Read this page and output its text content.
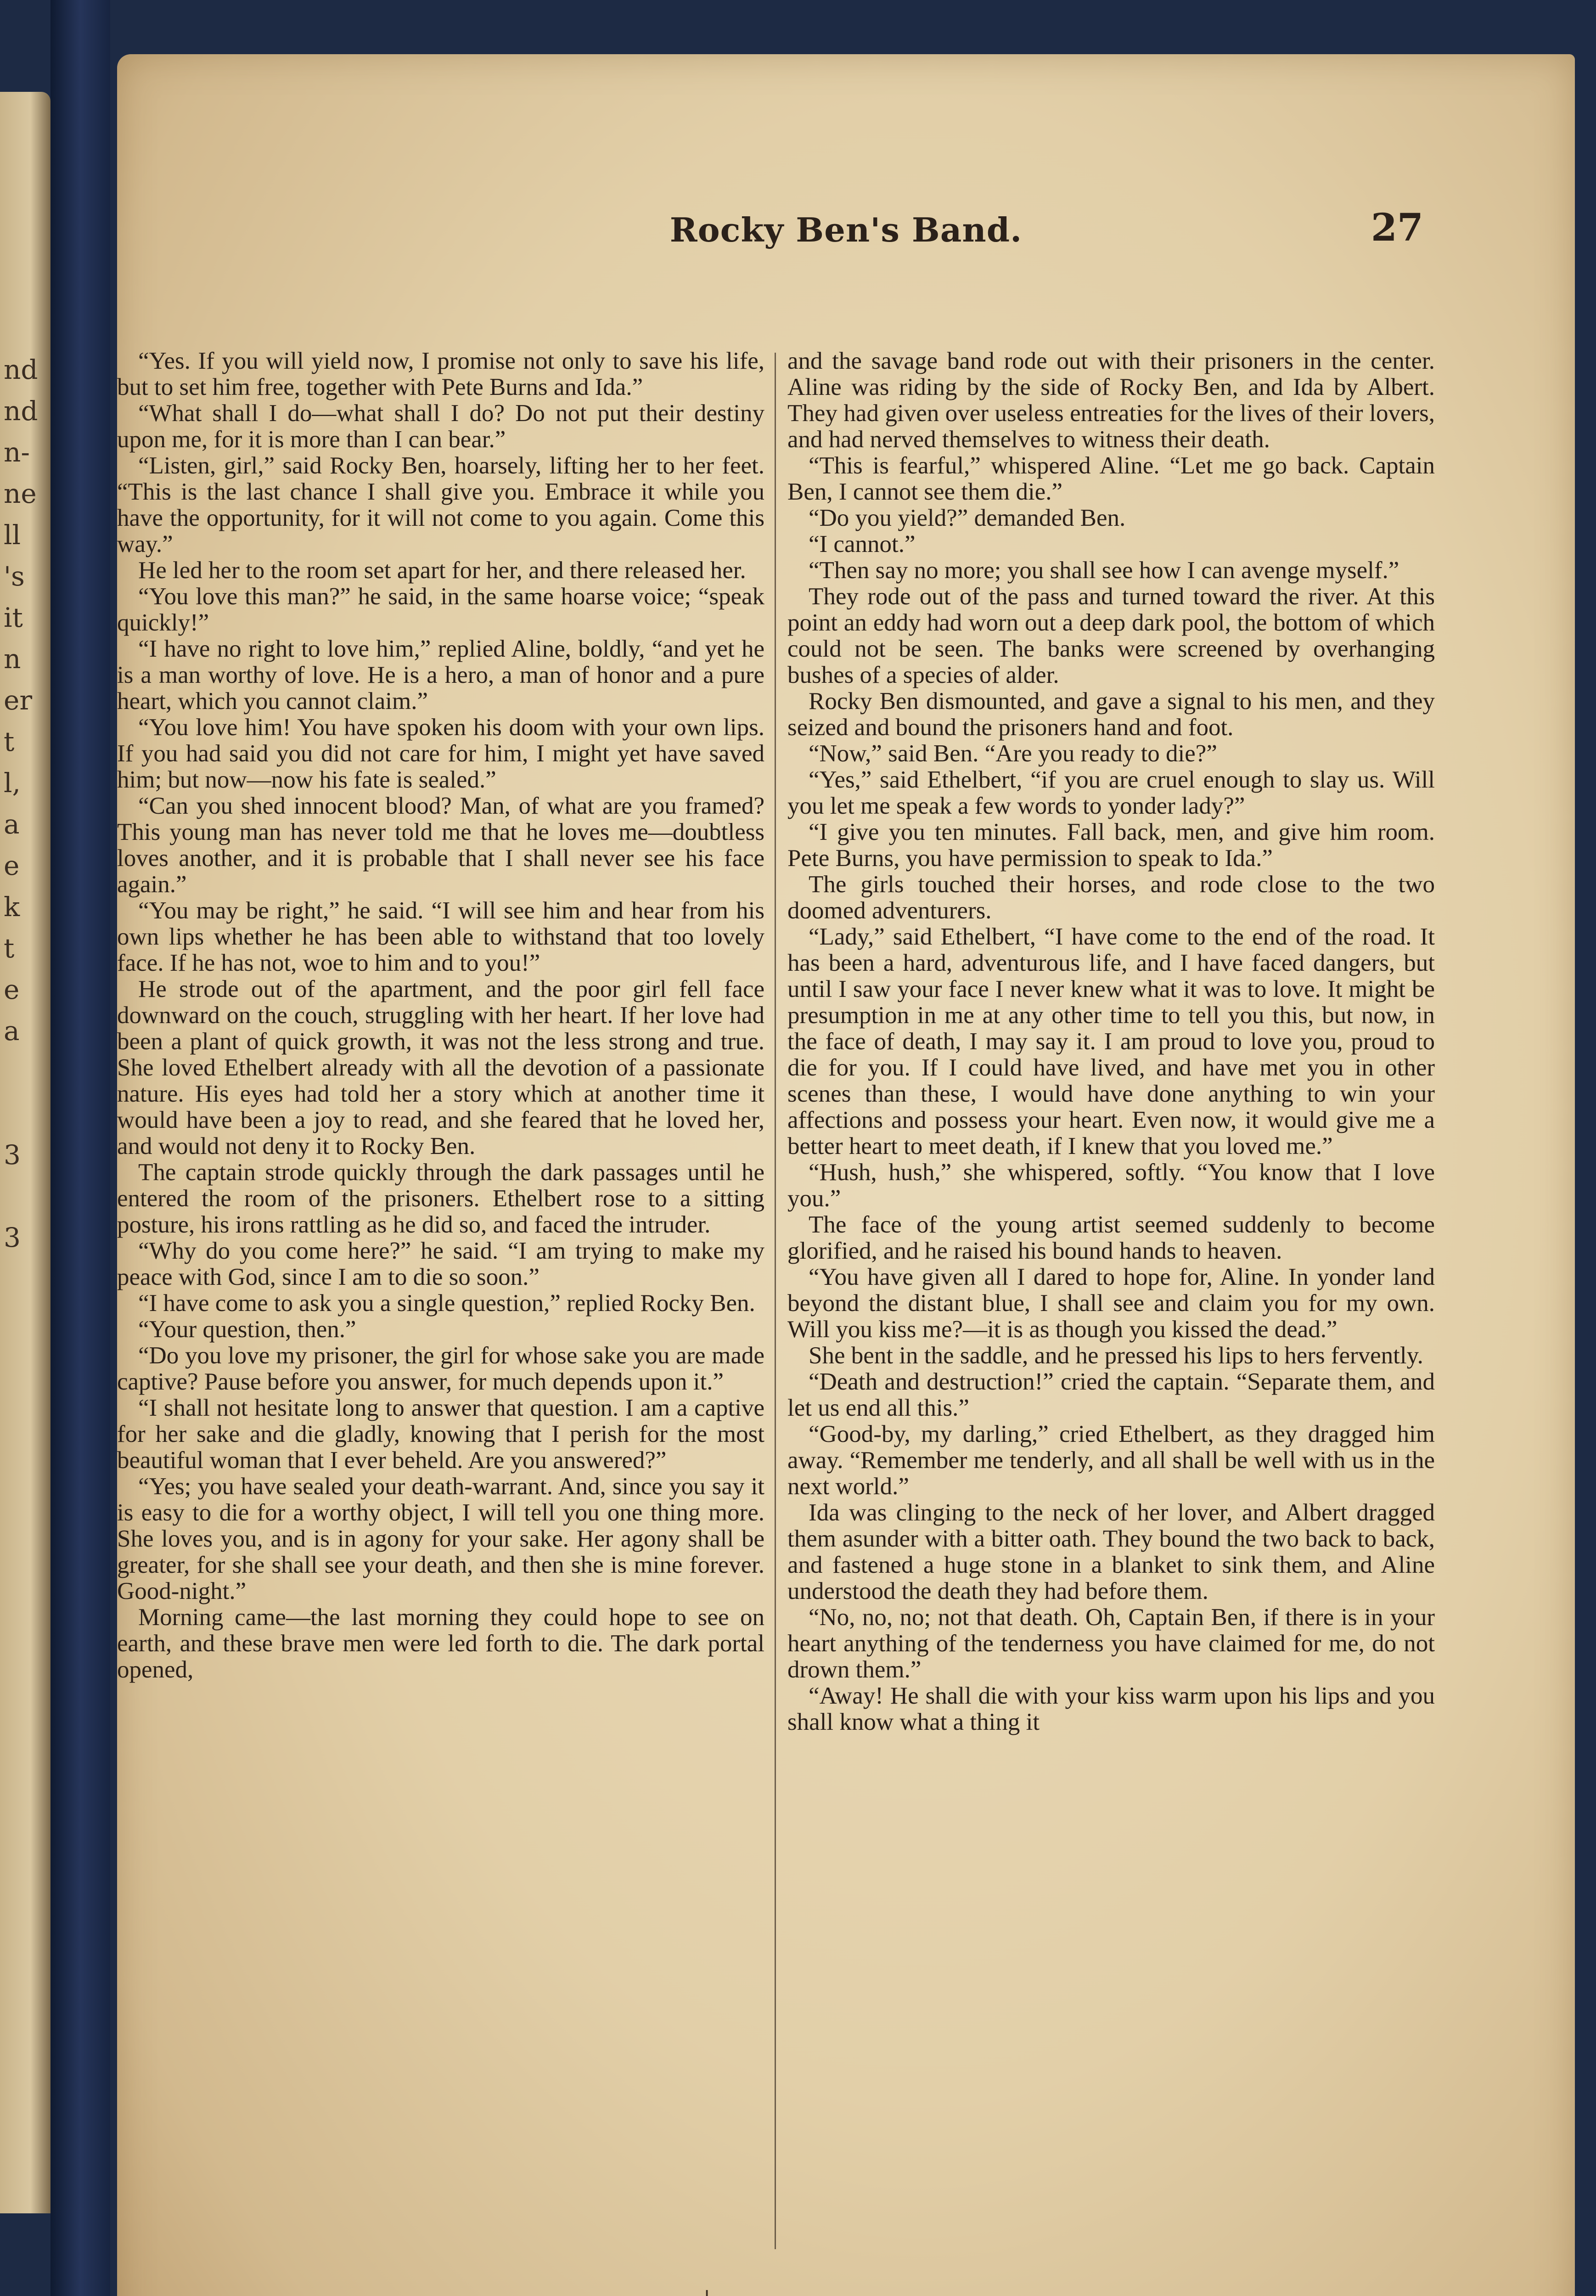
nd
nd
n-
ne
ll
's
it
n
er
t
l,
a
e
k
t
e
a
3
3
Rocky Ben's Band.	27

“Yes. If you will yield now, I promise not only to save his life, but to set him free, together with Pete Burns and Ida.”

“What shall I do—what shall I do? Do not put their destiny upon me, for it is more than I can bear.”

“Listen, girl,” said Rocky Ben, hoarsely, lifting her to her feet. “This is the last chance I shall give you. Embrace it while you have the opportunity, for it will not come to you again. Come this way.”

He led her to the room set apart for her, and there released her.

“You love this man?” he said, in the same hoarse voice; “speak quickly!”

“I have no right to love him,” replied Aline, boldly, “and yet he is a man worthy of love. He is a hero, a man of honor and a pure heart, which you cannot claim.”

“You love him! You have spoken his doom with your own lips. If you had said you did not care for him, I might yet have saved him; but now—now his fate is sealed.”

“Can you shed innocent blood? Man, of what are you framed? This young man has never told me that he loves me—doubtless loves another, and it is probable that I shall never see his face again.”

“You may be right,” he said. “I will see him and hear from his own lips whether he has been able to withstand that too lovely face. If he has not, woe to him and to you!”

He strode out of the apartment, and the poor girl fell face downward on the couch, struggling with her heart. If her love had been a plant of quick growth, it was not the less strong and true. She loved Ethelbert already with all the devotion of a passionate nature. His eyes had told her a story which at another time it would have been a joy to read, and she feared that he loved her, and would not deny it to Rocky Ben.

The captain strode quickly through the dark passages until he entered the room of the prisoners. Ethelbert rose to a sitting posture, his irons rattling as he did so, and faced the intruder.

“Why do you come here?” he said. “I am trying to make my peace with God, since I am to die so soon.”

“I have come to ask you a single question,” replied Rocky Ben.

“Your question, then.”

“Do you love my prisoner, the girl for whose sake you are made captive? Pause before you answer, for much depends upon it.”

“I shall not hesitate long to answer that question. I am a captive for her sake and die gladly, knowing that I perish for the most beautiful woman that I ever beheld. Are you answered?”

“Yes; you have sealed your death-warrant. And, since you say it is easy to die for a worthy object, I will tell you one thing more. She loves you, and is in agony for your sake. Her agony shall be greater, for she shall see your death, and then she is mine forever. Good-night.”

Morning came—the last morning they could hope to see on earth, and these brave men were led forth to die. The dark portal opened,

and the savage band rode out with their prisoners in the center. Aline was riding by the side of Rocky Ben, and Ida by Albert. They had given over useless entreaties for the lives of their lovers, and had nerved themselves to witness their death.

“This is fearful,” whispered Aline. “Let me go back. Captain Ben, I cannot see them die.”

“Do you yield?” demanded Ben.

“I cannot.”

“Then say no more; you shall see how I can avenge myself.”

They rode out of the pass and turned toward the river. At this point an eddy had worn out a deep dark pool, the bottom of which could not be seen. The banks were screened by overhanging bushes of a species of alder.

Rocky Ben dismounted, and gave a signal to his men, and they seized and bound the prisoners hand and foot.

“Now,” said Ben. “Are you ready to die?”

“Yes,” said Ethelbert, “if you are cruel enough to slay us. Will you let me speak a few words to yonder lady?”

“I give you ten minutes. Fall back, men, and give him room. Pete Burns, you have permission to speak to Ida.”

The girls touched their horses, and rode close to the two doomed adventurers.

“Lady,” said Ethelbert, “I have come to the end of the road. It has been a hard, adventurous life, and I have faced dangers, but until I saw your face I never knew what it was to love. It might be presumption in me at any other time to tell you this, but now, in the face of death, I may say it. I am proud to love you, proud to die for you. If I could have lived, and have met you in other scenes than these, I would have done anything to win your affections and possess your heart. Even now, it would give me a better heart to meet death, if I knew that you loved me.”

“Hush, hush,” she whispered, softly. “You know that I love you.”

The face of the young artist seemed suddenly to become glorified, and he raised his bound hands to heaven.

“You have given all I dared to hope for, Aline. In yonder land beyond the distant blue, I shall see and claim you for my own. Will you kiss me?—it is as though you kissed the dead.”

She bent in the saddle, and he pressed his lips to hers fervently.

“Death and destruction!” cried the captain. “Separate them, and let us end all this.”

“Good-by, my darling,” cried Ethelbert, as they dragged him away. “Remember me tenderly, and all shall be well with us in the next world.”

Ida was clinging to the neck of her lover, and Albert dragged them asunder with a bitter oath. They bound the two back to back, and fastened a huge stone in a blanket to sink them, and Aline understood the death they had before them.

“No, no, no; not that death. Oh, Captain Ben, if there is in your heart anything of the tenderness you have claimed for me, do not drown them.”

“Away! He shall die with your kiss warm upon his lips and you shall know what a thing it
